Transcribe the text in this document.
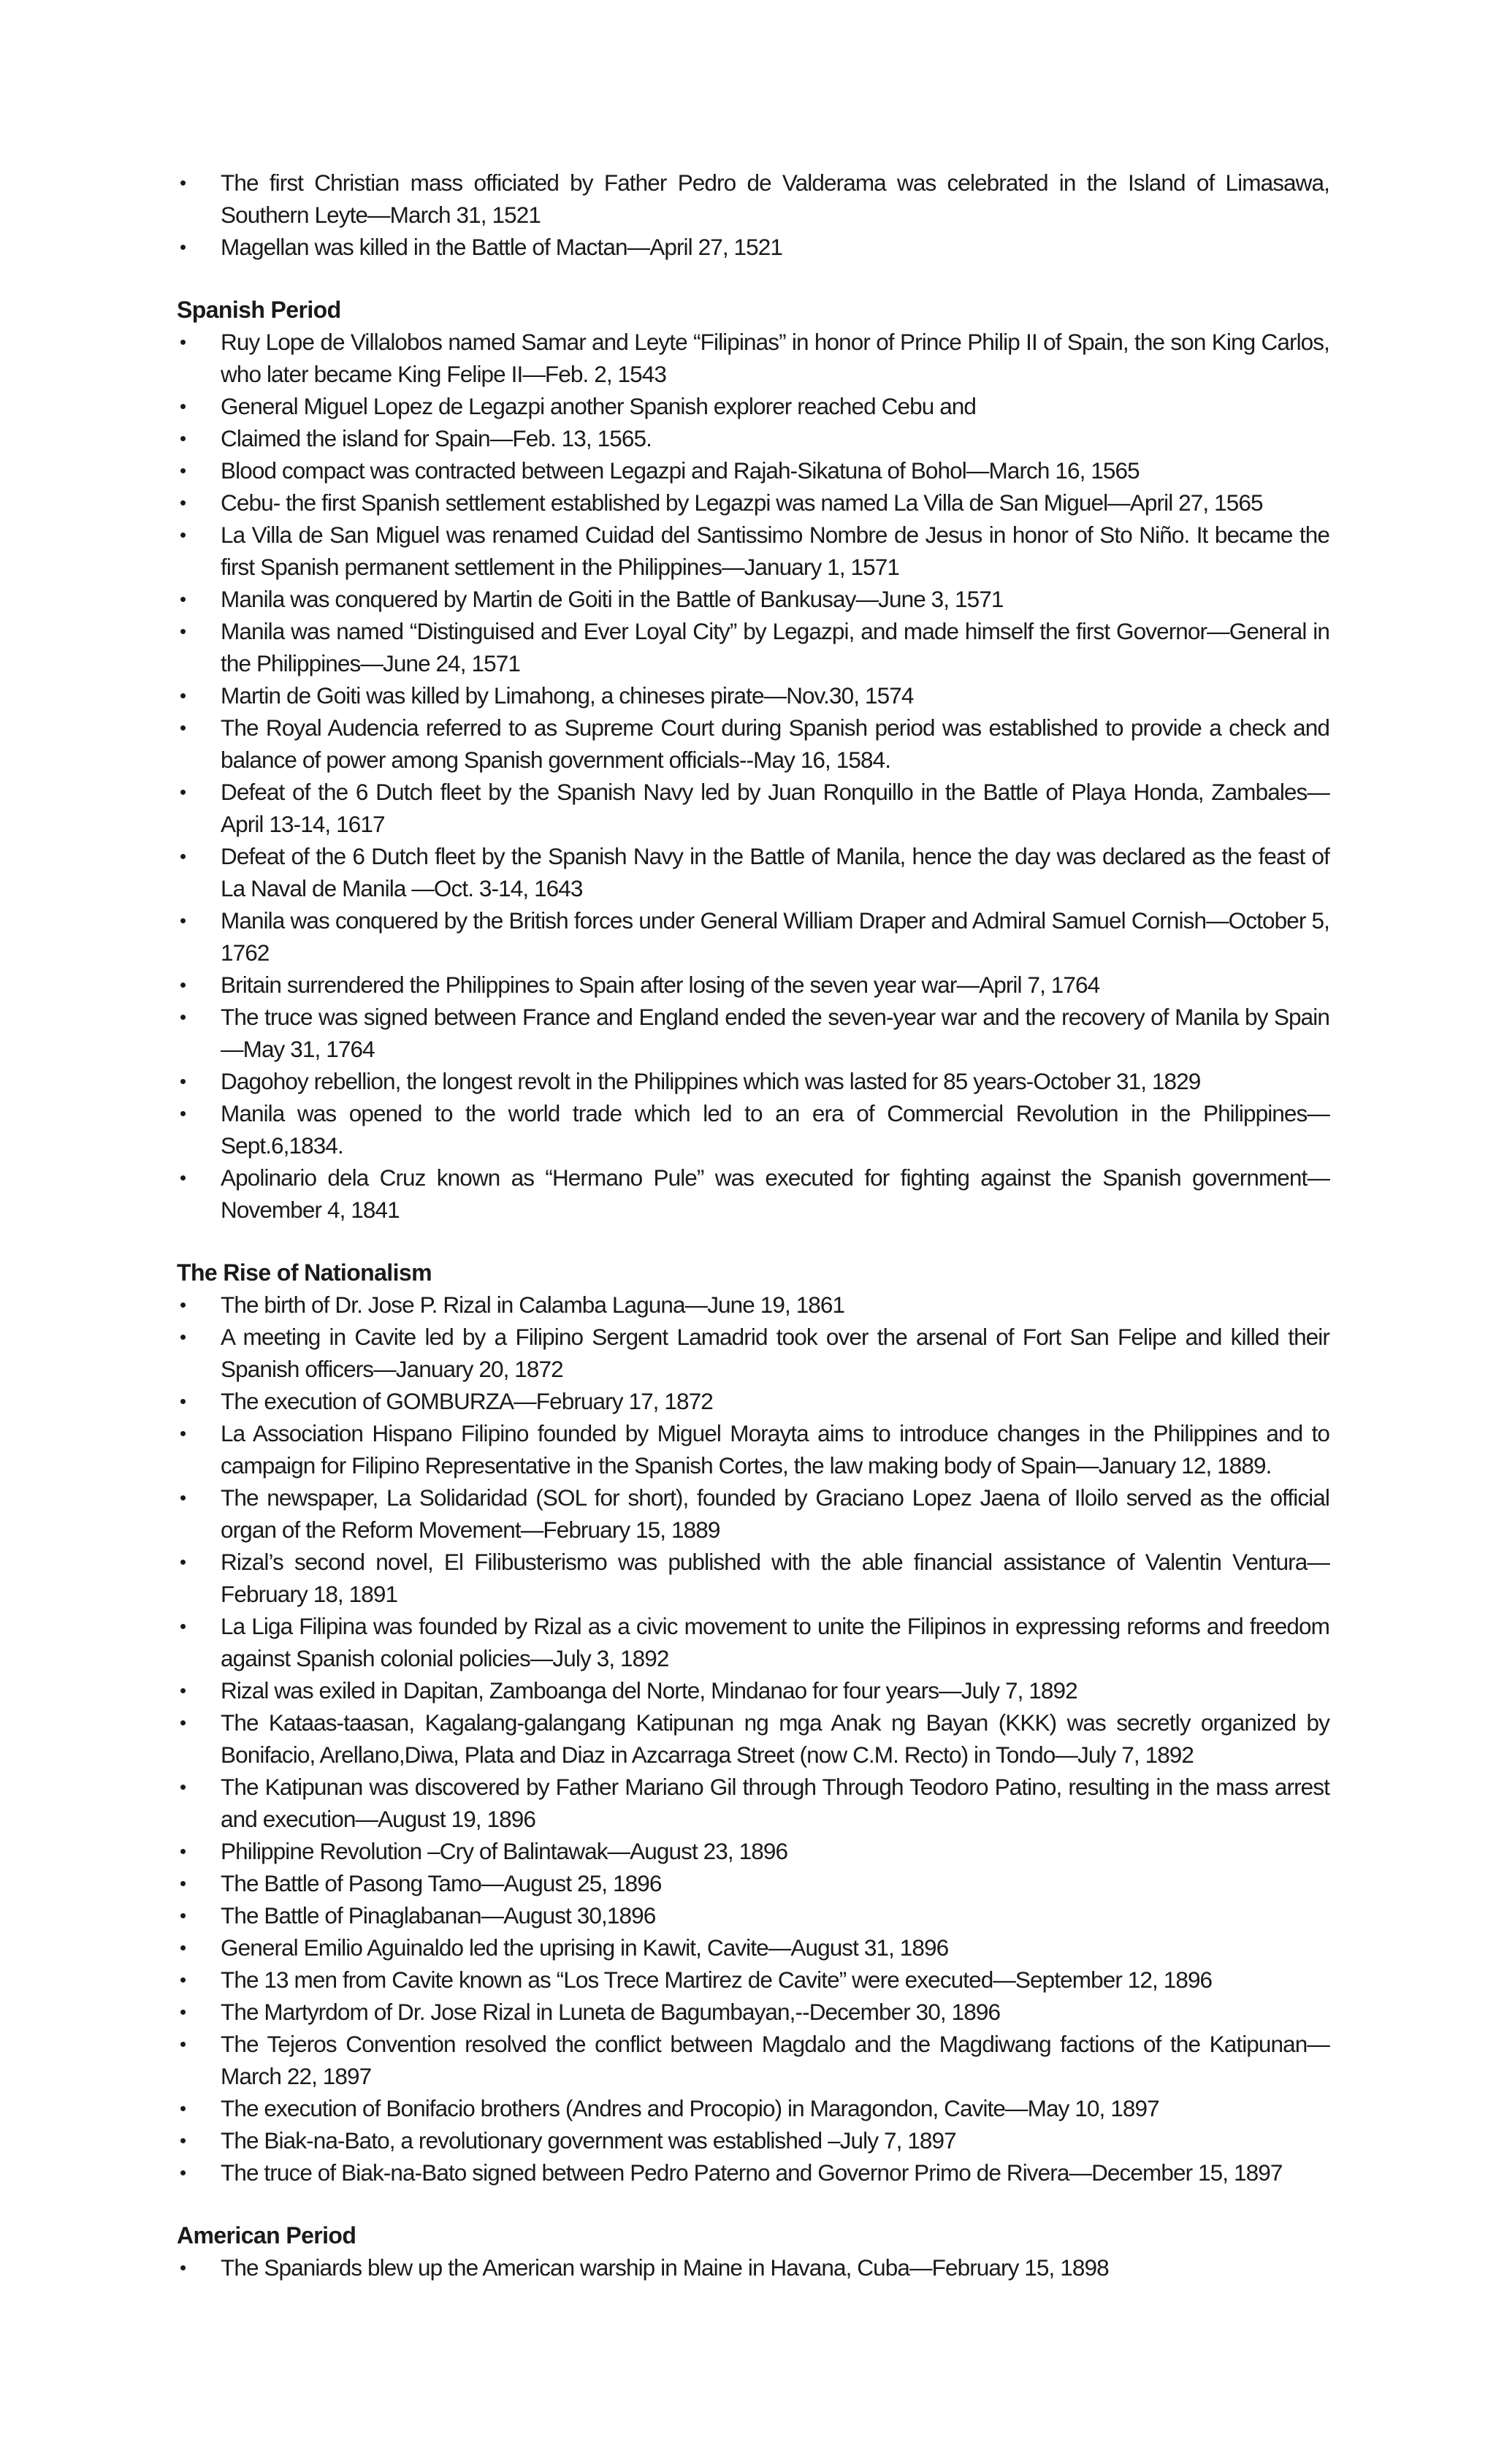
• The first Christian mass officiated by Father Pedro de Valderama was celebrated in the Island of Limasawa, Southern Leyte—March 31, 1521
• Magellan was killed in the Battle of Mactan—April 27, 1521
Spanish Period
• Ruy Lope de Villalobos named Samar and Leyte “Filipinas” in honor of Prince Philip II of Spain, the son King Carlos, who later became King Felipe II—Feb. 2, 1543
• General Miguel Lopez de Legazpi another Spanish explorer reached Cebu and
• Claimed the island for Spain—Feb. 13, 1565.
• Blood compact was contracted between Legazpi and Rajah-Sikatuna of Bohol—March 16, 1565
• Cebu- the first Spanish settlement established by Legazpi was named La Villa de San Miguel—April 27, 1565
• La Villa de San Miguel was renamed Cuidad del Santissimo Nombre de Jesus in honor of Sto Niño. It became the first Spanish permanent settlement in the Philippines—January 1, 1571
• Manila was conquered by Martin de Goiti in the Battle of Bankusay—June 3, 1571
• Manila was named “Distinguised and Ever Loyal City” by Legazpi, and made himself the first Governor—General in the Philippines—June 24, 1571
• Martin de Goiti was killed by Limahong, a chineses pirate—Nov.30, 1574
• The Royal Audencia referred to as Supreme Court during Spanish period was established to provide a check and balance of power among Spanish government officials--May 16, 1584.
• Defeat of the 6 Dutch fleet by the Spanish Navy led by Juan Ronquillo in the Battle of Playa Honda, Zambales—April 13-14, 1617
• Defeat of the 6 Dutch fleet by the Spanish Navy in the Battle of Manila, hence the day was declared as the feast of La Naval de Manila —Oct. 3-14, 1643
• Manila was conquered by the British forces under General William Draper and Admiral Samuel Cornish—October 5, 1762
• Britain surrendered the Philippines to Spain after losing of the seven year war—April 7, 1764
• The truce was signed between France and England ended the seven-year war and the recovery of Manila by Spain—May 31, 1764
• Dagohoy rebellion, the longest revolt in the Philippines which was lasted for 85 years-October 31, 1829
• Manila was opened to the world trade which led to an era of Commercial Revolution in the Philippines—Sept.6,1834.
• Apolinario dela Cruz known as “Hermano Pule” was executed for fighting against the Spanish government—November 4, 1841
The Rise of Nationalism
• The birth of Dr. Jose P. Rizal in Calamba Laguna—June 19, 1861
• A meeting in Cavite led by a Filipino Sergent Lamadrid took over the arsenal of Fort San Felipe and killed their Spanish officers—January 20, 1872
• The execution of GOMBURZA—February 17, 1872
• La Association Hispano Filipino founded by Miguel Morayta aims to introduce changes in the Philippines and to campaign for Filipino Representative in the Spanish Cortes, the law making body of Spain—January 12, 1889.
• The newspaper, La Solidaridad (SOL for short), founded by Graciano Lopez Jaena of Iloilo served as the official organ of the Reform Movement—February 15, 1889
• Rizal’s second novel, El Filibusterismo was published with the able financial assistance of Valentin Ventura—February 18, 1891
• La Liga Filipina was founded by Rizal as a civic movement to unite the Filipinos in expressing reforms and freedom against Spanish colonial policies—July 3, 1892
• Rizal was exiled in Dapitan, Zamboanga del Norte, Mindanao for four years—July 7, 1892
• The Kataas-taasan, Kagalang-galangang Katipunan ng mga Anak ng Bayan (KKK) was secretly organized by Bonifacio, Arellano,Diwa, Plata and Diaz in Azcarraga Street (now C.M. Recto) in Tondo—July 7, 1892
• The Katipunan was discovered by Father Mariano Gil through Through Teodoro Patino, resulting in the mass arrest and execution—August 19, 1896
• Philippine Revolution –Cry of Balintawak—August 23, 1896
• The Battle of Pasong Tamo—August 25, 1896
• The Battle of Pinaglabanan—August 30,1896
• General Emilio Aguinaldo led the uprising in Kawit, Cavite—August 31, 1896
• The 13 men from Cavite known as “Los Trece Martirez de Cavite” were executed—September 12, 1896
• The Martyrdom of Dr. Jose Rizal in Luneta de Bagumbayan,--December 30, 1896
• The Tejeros Convention resolved the conflict between Magdalo and the Magdiwang factions of the Katipunan—March 22, 1897
• The execution of Bonifacio brothers (Andres and Procopio) in Maragondon, Cavite—May 10, 1897
• The Biak-na-Bato, a revolutionary government was established –July 7, 1897
• The truce of Biak-na-Bato signed between Pedro Paterno and Governor Primo de Rivera—December 15, 1897
American Period
• The Spaniards blew up the American warship in Maine in Havana, Cuba—February 15, 1898
